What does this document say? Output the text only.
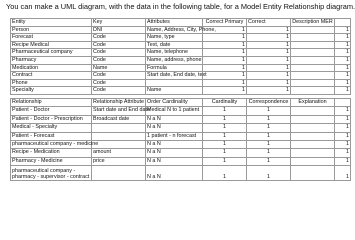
You can make a UML diagram, with the data in the following table, for a Model Entity Relationship diagram.
Entity	Key	Attributes	Correct Primary	Correct	Description MER	
Person	DNI	Name, Address, City, Phone,	1	1		1
Forecast	Code	Name, type	1	1		1
Recipe Medical	Code	Text, date	1	1		1
Pharmaceutical company	Code	Name, telephone	1	1		1
Pharmacy	Code	Name, address, phone	1	1		1
Medication	Name	Formula	1	1		1
Contract	Code	Start date, End date, text	1	1		1
Phone	Code		1	1		1
Specialty	Code	Name	1	1		1
Relationship	Relationship Attribute	Order Cardinality	Cardinality	Correspondence	Explanation	
Patient - Doctor	Start date and End date	Medical N to 1 patient	1	1		1
Patient - Doctor - Prescription	Broadcast date	N a N	1	1		1
Medical - Specialty		N a N	1	1		1
Patient - Forecast		1 patient - n forecast	1	1		1
pharmaceutical company - medicine		N a N	1	1		1
Recipe - Medication	amount	N a N	1	1		1
Pharmacy - Medicine	price	N a N	1	1		1
pharmaceutical company - pharmacy - supervisor - contract		N a N	1	1		1
